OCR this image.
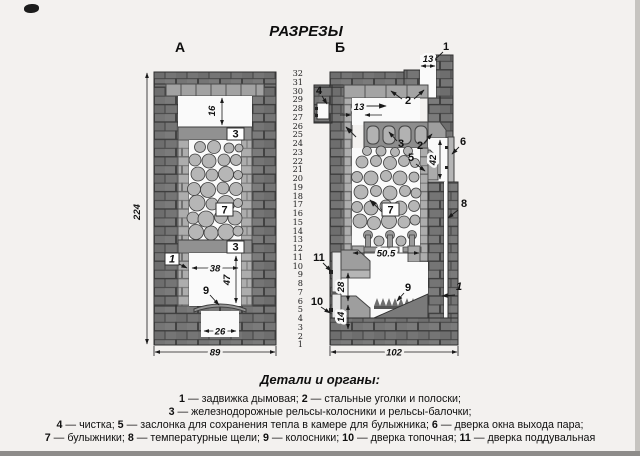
РАЗРЕЗЫ
А	Б
224
89
16
38
47
26
9
3
7
3
1
1
13
2
4
13
3 2
5 42
6
7
8
50.5
11
28
10
14
9	1
102
32
31
30
29
28
27
26
25
24
23
22
21
20
19
18
17
16
15
14
13
12
11
10
9
8
7
6
5
4
3
2
1
Детали и органы:
1 — задвижка дымовая; 2 — стальные уголки и полоски;
3 — железнодорожные рельсы-колосники и рельсы-балочки;
4 — чистка; 5 — заслонка для сохранения тепла в камере для булыжника; 6 — дверка окна выхода пара;
7 — булыжники; 8 — температурные щели; 9 — колосники; 10 — дверка топочная; 11 — дверка поддувальная
